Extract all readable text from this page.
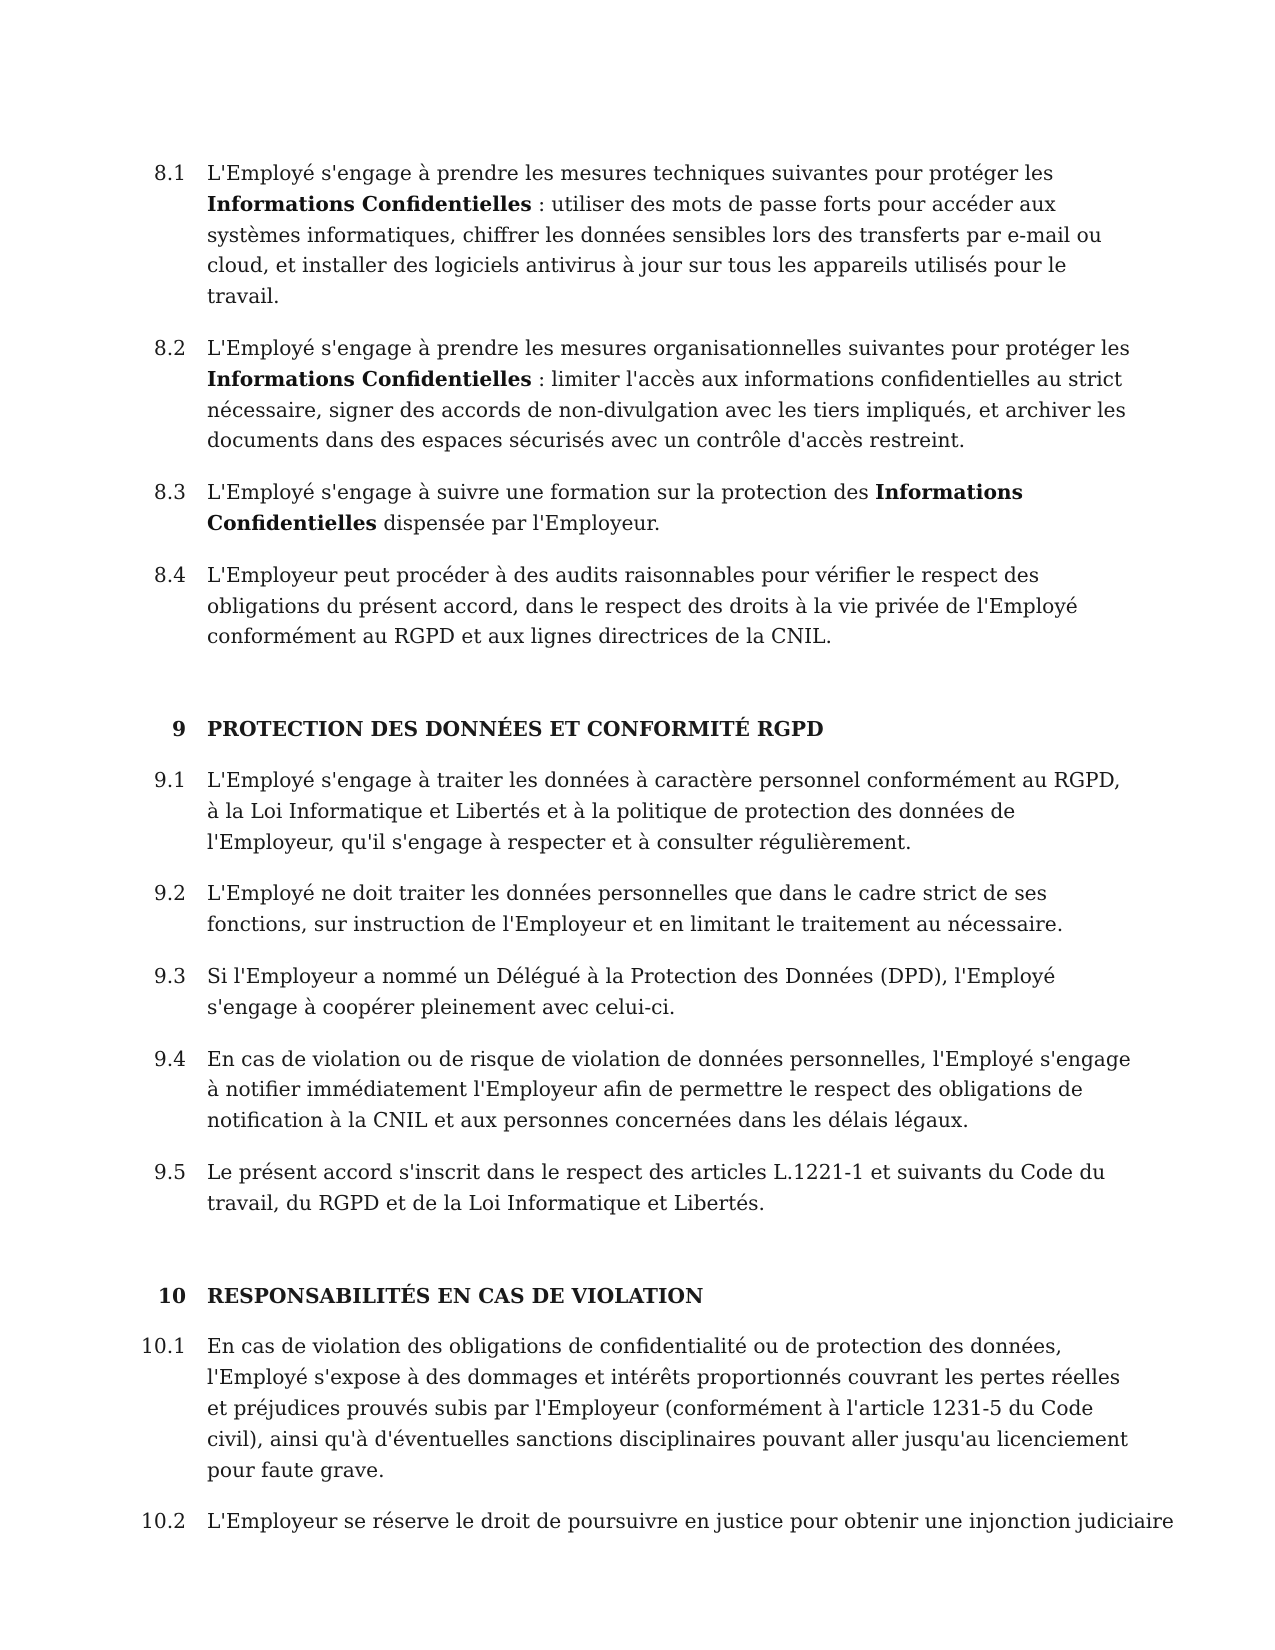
8.1 L'Employé s'engage à prendre les mesures techniques suivantes pour protéger les Informations Confidentielles : utiliser des mots de passe forts pour accéder aux systèmes informatiques, chiffrer les données sensibles lors des transferts par e-mail ou cloud, et installer des logiciels antivirus à jour sur tous les appareils utilisés pour le travail.
8.2 L'Employé s'engage à prendre les mesures organisationnelles suivantes pour protéger les Informations Confidentielles : limiter l'accès aux informations confidentielles au strict nécessaire, signer des accords de non-divulgation avec les tiers impliqués, et archiver les documents dans des espaces sécurisés avec un contrôle d'accès restreint.
8.3 L'Employé s'engage à suivre une formation sur la protection des Informations Confidentielles dispensée par l'Employeur.
8.4 L'Employeur peut procéder à des audits raisonnables pour vérifier le respect des obligations du présent accord, dans le respect des droits à la vie privée de l'Employé conformément au RGPD et aux lignes directrices de la CNIL.
9 PROTECTION DES DONNÉES ET CONFORMITÉ RGPD
9.1 L'Employé s'engage à traiter les données à caractère personnel conformément au RGPD, à la Loi Informatique et Libertés et à la politique de protection des données de l'Employeur, qu'il s'engage à respecter et à consulter régulièrement.
9.2 L'Employé ne doit traiter les données personnelles que dans le cadre strict de ses fonctions, sur instruction de l'Employeur et en limitant le traitement au nécessaire.
9.3 Si l'Employeur a nommé un Délégué à la Protection des Données (DPD), l'Employé s'engage à coopérer pleinement avec celui-ci.
9.4 En cas de violation ou de risque de violation de données personnelles, l'Employé s'engage à notifier immédiatement l'Employeur afin de permettre le respect des obligations de notification à la CNIL et aux personnes concernées dans les délais légaux.
9.5 Le présent accord s'inscrit dans le respect des articles L.1221-1 et suivants du Code du travail, du RGPD et de la Loi Informatique et Libertés.
10 RESPONSABILITÉS EN CAS DE VIOLATION
10.1 En cas de violation des obligations de confidentialité ou de protection des données, l'Employé s'expose à des dommages et intérêts proportionnés couvrant les pertes réelles et préjudices prouvés subis par l'Employeur (conformément à l'article 1231-5 du Code civil), ainsi qu'à d'éventuelles sanctions disciplinaires pouvant aller jusqu'au licenciement pour faute grave.
10.2 L'Employeur se réserve le droit de poursuivre en justice pour obtenir une injonction judiciaire
